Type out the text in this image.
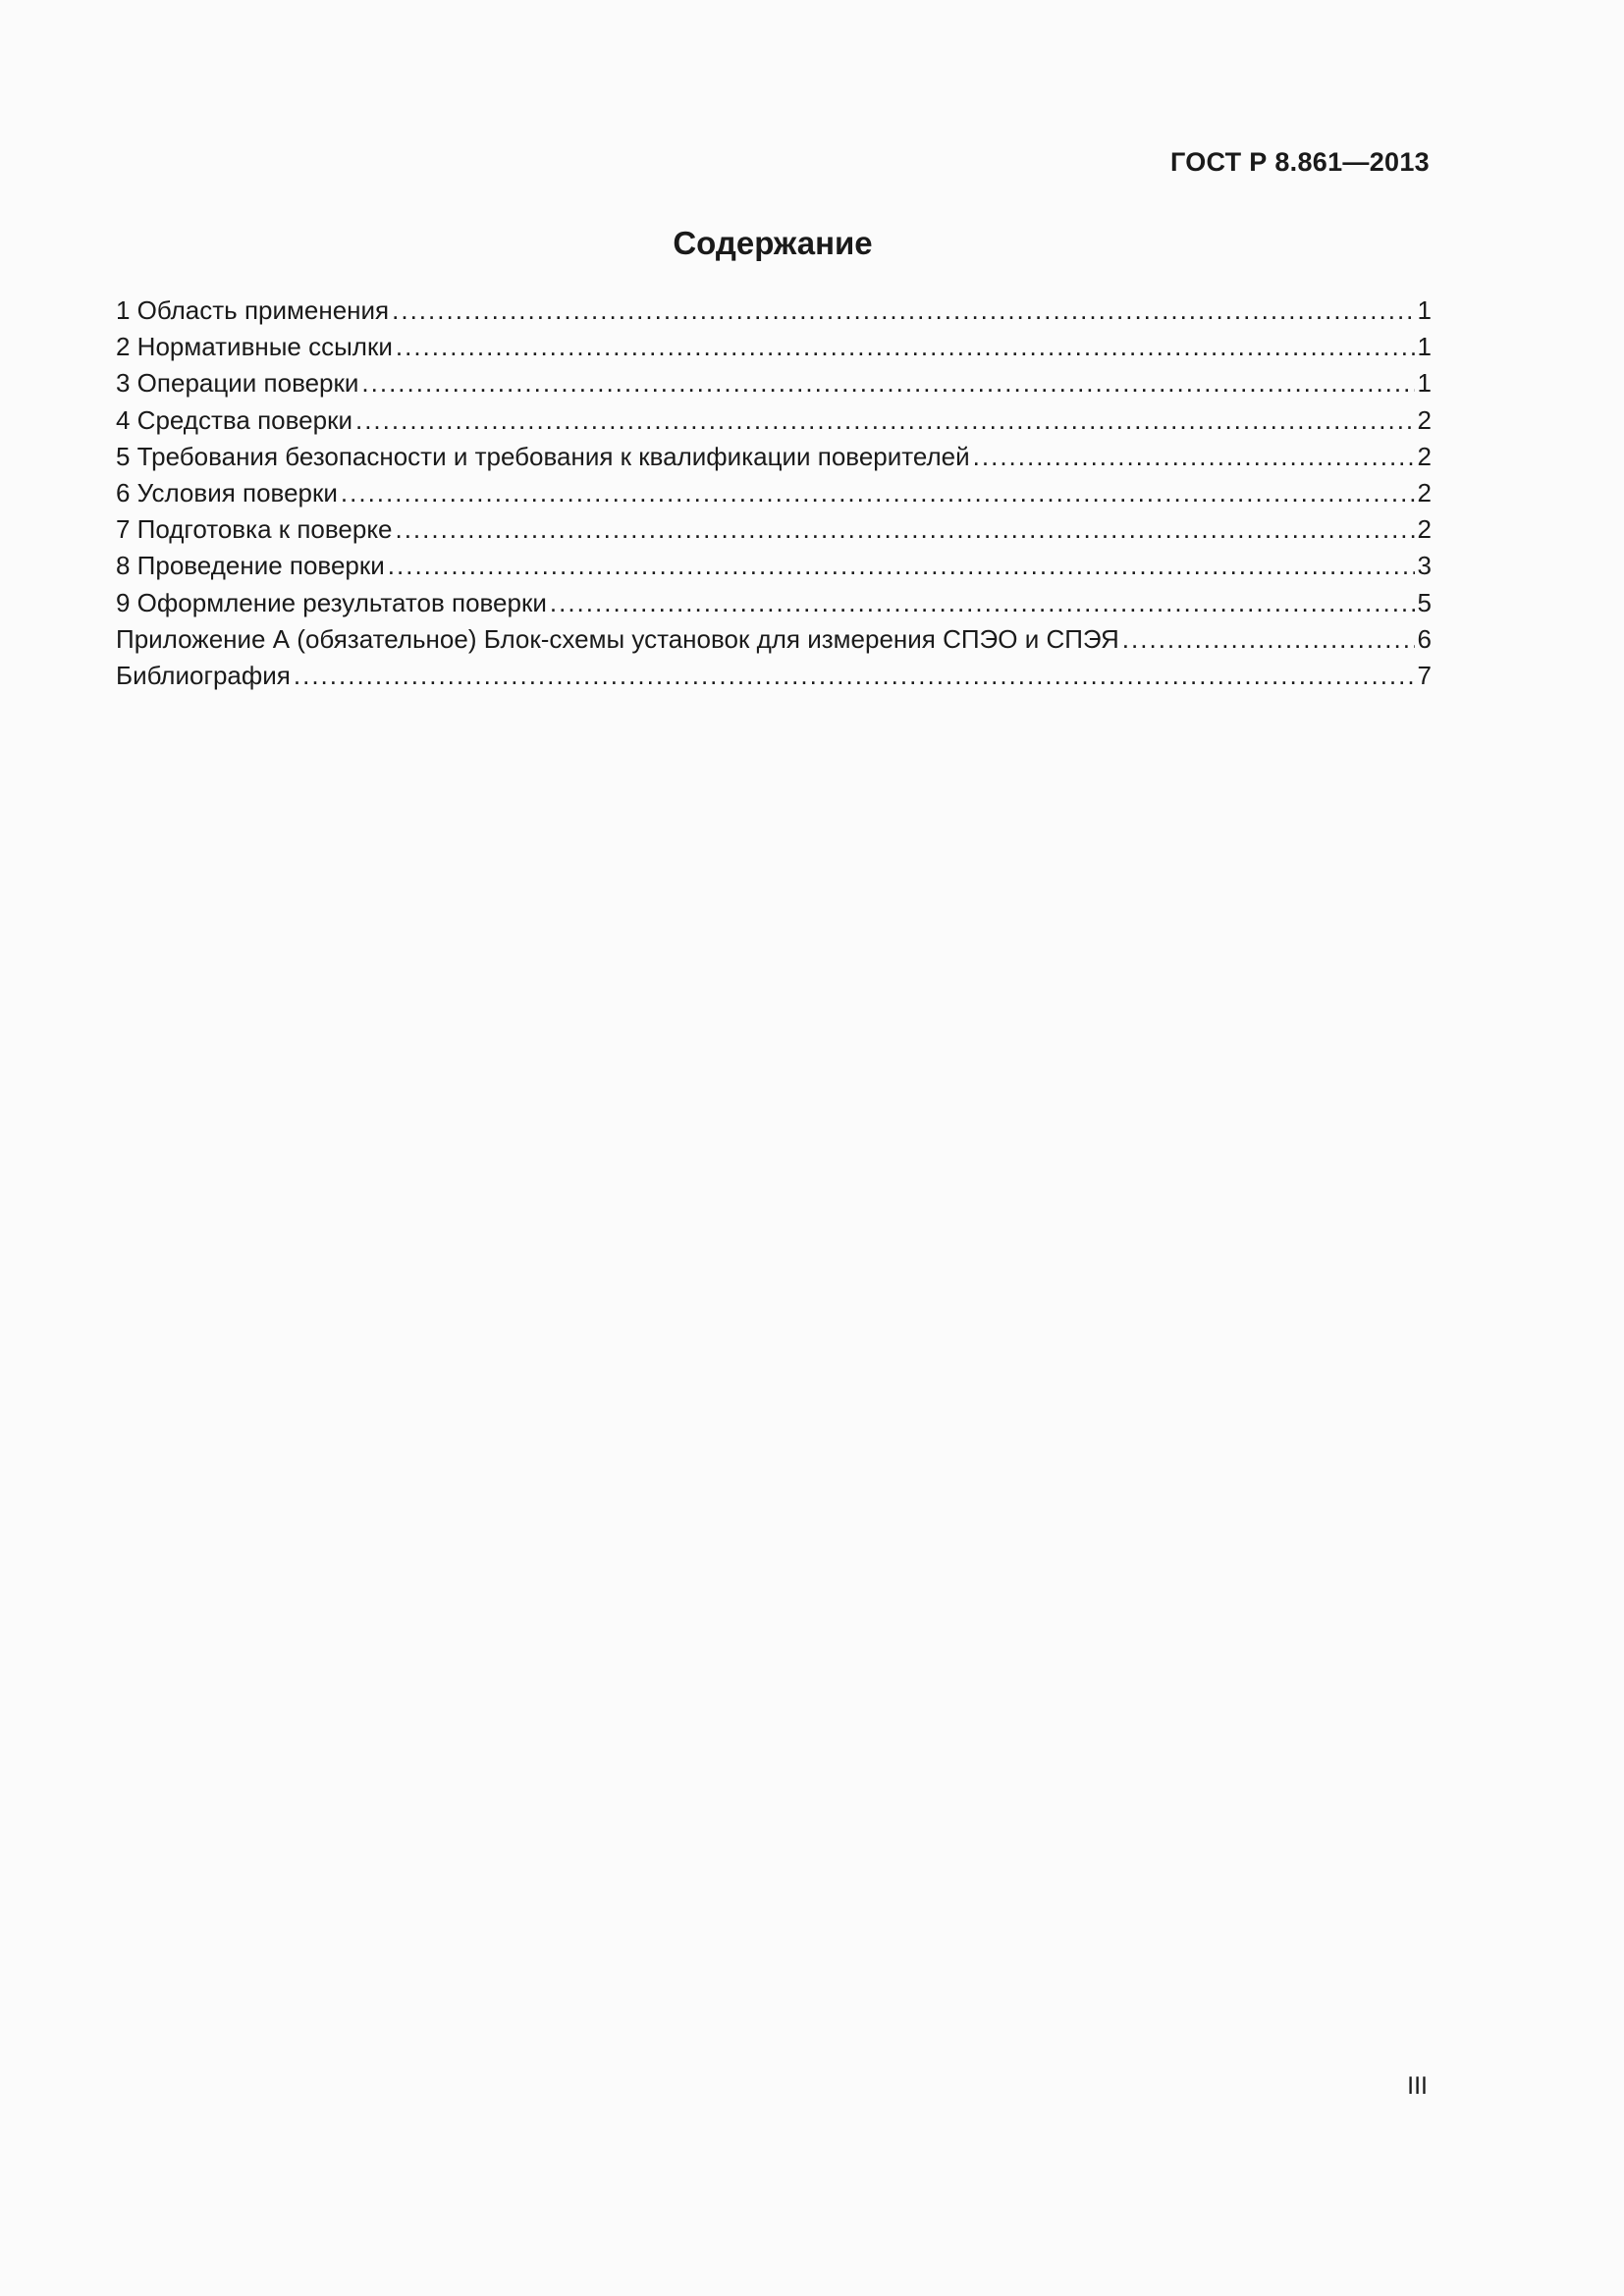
ГОСТ Р 8.861—2013
Содержание
1 Область применения .....	1
2 Нормативные ссылки .....	1
3 Операции поверки .....	1
4 Средства поверки .....	2
5 Требования безопасности и требования к квалификации поверителей .....	2
6 Условия поверки .....	2
7 Подготовка к поверке .....	2
8 Проведение поверки .....	3
9 Оформление результатов поверки .....	5
Приложение А (обязательное) Блок-схемы установок для измерения СПЭО и СПЭЯ .....	6
Библиография .....	7
III
